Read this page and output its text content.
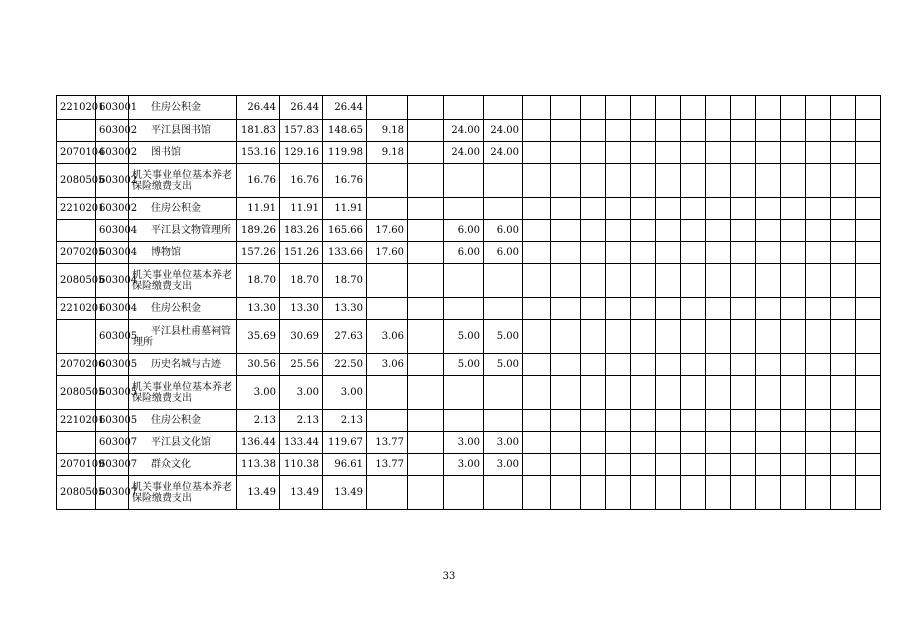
2210201	603001	住房公积金	26.44	26.44	26.44																		
	603002	平江县图书馆	181.83	157.83	148.65	9.18		24.00	24.00														
2070104	603002	图书馆	153.16	129.16	119.98	9.18		24.00	24.00														
2080505	603002	机关事业单位基本养老保险缴费支出	16.76	16.76	16.76																		
2210201	603002	住房公积金	11.91	11.91	11.91																		
	603004	平江县文物管理所	189.26	183.26	165.66	17.60		6.00	6.00														
2070205	603004	博物馆	157.26	151.26	133.66	17.60		6.00	6.00														
2080505	603004	机关事业单位基本养老保险缴费支出	18.70	18.70	18.70																		
2210201	603004	住房公积金	13.30	13.30	13.30																		
	603005	平江县杜甫墓祠管理所	35.69	30.69	27.63	3.06		5.00	5.00														
2070206	603005	历史名城与古迹	30.56	25.56	22.50	3.06		5.00	5.00														
2080505	603005	机关事业单位基本养老保险缴费支出	3.00	3.00	3.00																		
2210201	603005	住房公积金	2.13	2.13	2.13																		
	603007	平江县文化馆	136.44	133.44	119.67	13.77		3.00	3.00														
2070109	603007	群众文化	113.38	110.38	96.61	13.77		3.00	3.00														
2080505	603007	机关事业单位基本养老保险缴费支出	13.49	13.49	13.49																		
33
